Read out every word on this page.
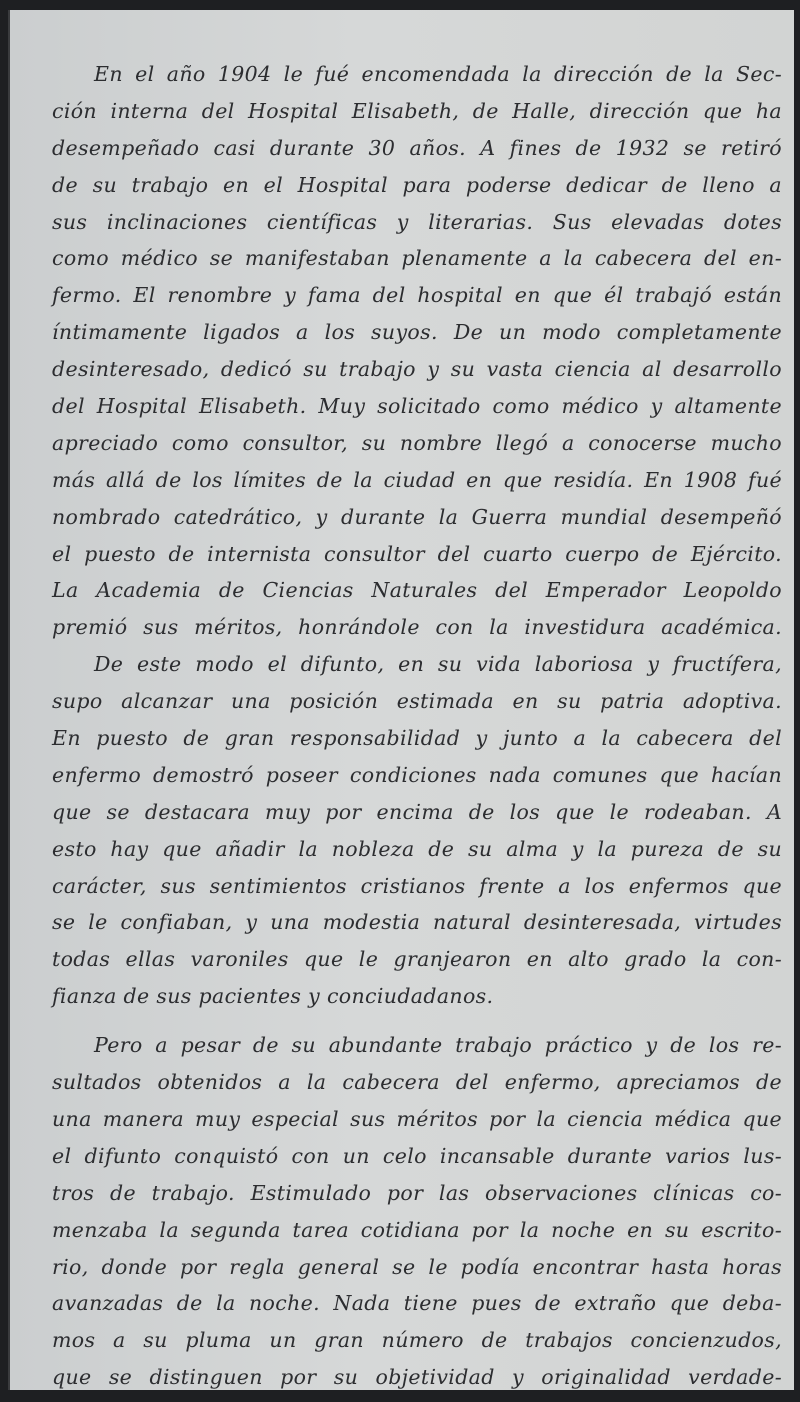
En el año 1904 le fué encomendada la dirección de la Sec-
ción interna del Hospital Elisabeth, de Halle, dirección que ha
desempeñado casi durante 30 años. A fines de 1932 se retiró
de su trabajo en el Hospital para poderse dedicar de lleno a
sus inclinaciones científicas y literarias. Sus elevadas dotes
como médico se manifestaban plenamente a la cabecera del en-
fermo. El renombre y fama del hospital en que él trabajó están
íntimamente ligados a los suyos. De un modo completamente
desinteresado, dedicó su trabajo y su vasta ciencia al desarrollo
del Hospital Elisabeth. Muy solicitado como médico y altamente
apreciado como consultor, su nombre llegó a conocerse mucho
más allá de los límites de la ciudad en que residía. En 1908 fué
nombrado catedrático, y durante la Guerra mundial desempeñó
el puesto de internista consultor del cuarto cuerpo de Ejército.
La Academia de Ciencias Naturales del Emperador Leopoldo
premió sus méritos, honrándole con la investidura académica.
De este modo el difunto, en su vida laboriosa y fructífera,
supo alcanzar una posición estimada en su patria adoptiva.
En puesto de gran responsabilidad y junto a la cabecera del
enfermo demostró poseer condiciones nada comunes que hacían
que se destacara muy por encima de los que le rodeaban. A
esto hay que añadir la nobleza de su alma y la pureza de su
carácter, sus sentimientos cristianos frente a los enfermos que
se le confiaban, y una modestia natural desinteresada, virtudes
todas ellas varoniles que le granjearon en alto grado la con-
fianza de sus pacientes y conciudadanos.
Pero a pesar de su abundante trabajo práctico y de los re-
sultados obtenidos a la cabecera del enfermo, apreciamos de
una manera muy especial sus méritos por la ciencia médica que
el difunto conquistó con un celo incansable durante varios lus-
tros de trabajo. Estimulado por las observaciones clínicas co-
menzaba la segunda tarea cotidiana por la noche en su escrito-
rio, donde por regla general se le podía encontrar hasta horas
avanzadas de la noche. Nada tiene pues de extraño que deba-
mos a su pluma un gran número de trabajos concienzudos,
que se distinguen por su objetividad y originalidad verdade-
